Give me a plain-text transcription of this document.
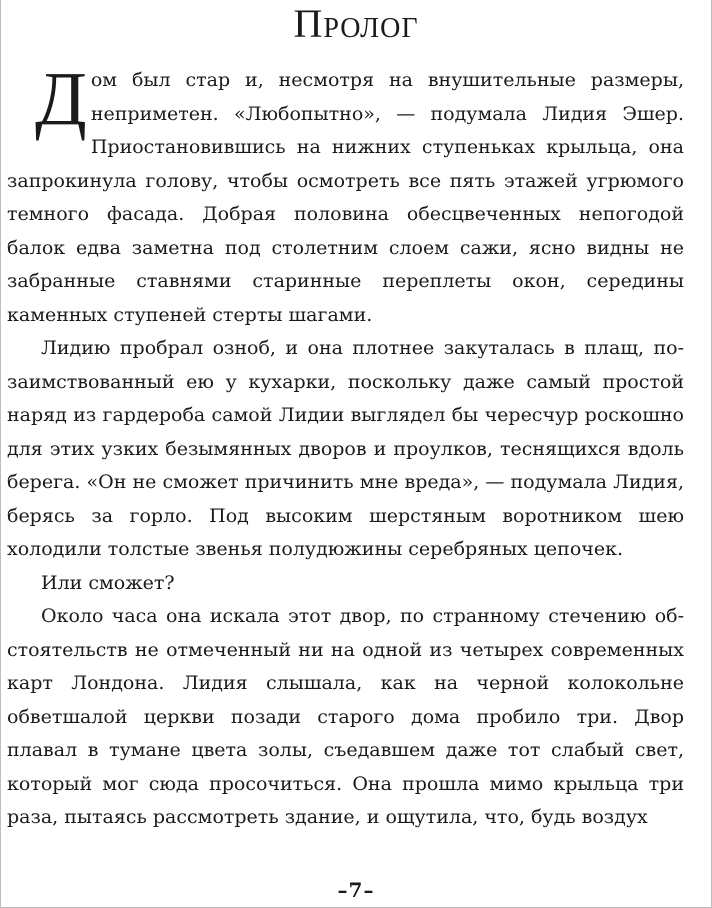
Пролог

Дом был стар и, несмотря на внушительные размеры, неприметен. «Любопытно», — подумала Лидия Эшер. Приостановившись на нижних ступеньках крыльца, она запрокинула голову, чтобы осмотреть все пять этажей угрюмого темного фасада. Добрая половина обесцвеченных непогодой балок едва заметна под столетним слоем сажи, ясно видны не забранные ставнями старинные переплеты окон, середины каменных ступеней стерты шагами.

Лидию пробрал озноб, и она плотнее закуталась в плащ, позаимствованный ею у кухарки, поскольку даже самый простой наряд из гардероба самой Лидии выглядел бы чересчур роскошно для этих узких безымянных дворов и проулков, теснящихся вдоль берега. «Он не сможет причинить мне вреда», — подумала Лидия, берясь за горло. Под высоким шерстяным воротником шею холодили толстые звенья полудюжины серебряных цепочек.

Или сможет?

Около часа она искала этот двор, по странному стечению обстоятельств не отмеченный ни на одной из четырех современных карт Лондона. Лидия слышала, как на черной колокольне обветшалой церкви позади старого дома пробило три. Двор плавал в тумане цвета золы, съедавшем даже тот слабый свет, который мог сюда просочиться. Она прошла мимо крыльца три раза, пытаясь рассмотреть здание, и ощутила, что, будь воздух

–7–
